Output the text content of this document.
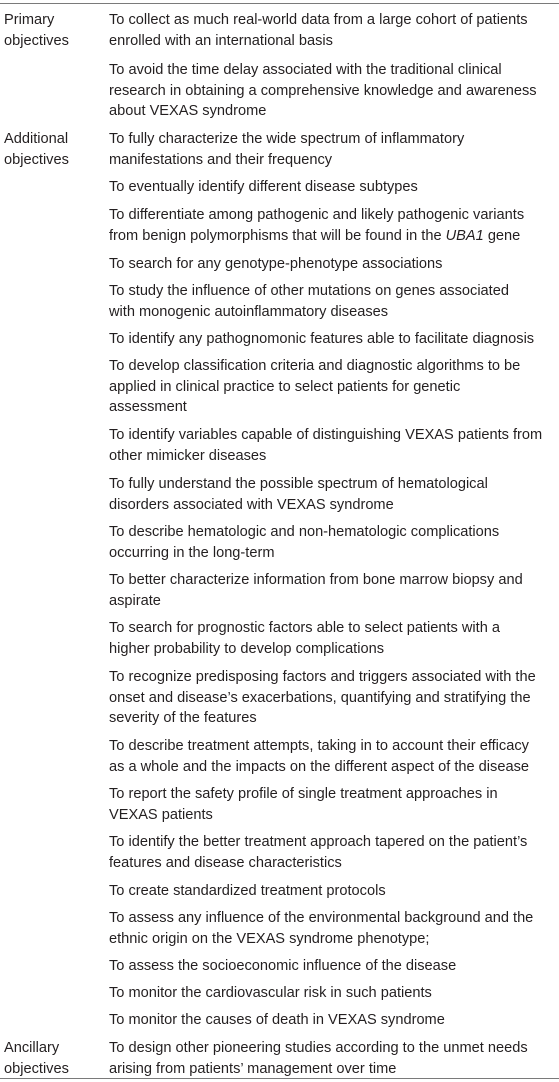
Primary
objectives
To collect as much real-world data from a large cohort of patients
enrolled with an international basis
To avoid the time delay associated with the traditional clinical
research in obtaining a comprehensive knowledge and awareness
about VEXAS syndrome
Additional
objectives
To fully characterize the wide spectrum of inflammatory
manifestations and their frequency
To eventually identify different disease subtypes
To differentiate among pathogenic and likely pathogenic variants
from benign polymorphisms that will be found in the UBA1 gene
To search for any genotype-phenotype associations
To study the influence of other mutations on genes associated
with monogenic autoinflammatory diseases
To identify any pathognomonic features able to facilitate diagnosis
To develop classification criteria and diagnostic algorithms to be
applied in clinical practice to select patients for genetic
assessment
To identify variables capable of distinguishing VEXAS patients from
other mimicker diseases
To fully understand the possible spectrum of hematological
disorders associated with VEXAS syndrome
To describe hematologic and non-hematologic complications
occurring in the long-term
To better characterize information from bone marrow biopsy and
aspirate
To search for prognostic factors able to select patients with a
higher probability to develop complications
To recognize predisposing factors and triggers associated with the
onset and disease’s exacerbations, quantifying and stratifying the
severity of the features
To describe treatment attempts, taking in to account their efficacy
as a whole and the impacts on the different aspect of the disease
To report the safety profile of single treatment approaches in
VEXAS patients
To identify the better treatment approach tapered on the patient’s
features and disease characteristics
To create standardized treatment protocols
To assess any influence of the environmental background and the
ethnic origin on the VEXAS syndrome phenotype;
To assess the socioeconomic influence of the disease
To monitor the cardiovascular risk in such patients
To monitor the causes of death in VEXAS syndrome
Ancillary
objectives
To design other pioneering studies according to the unmet needs
arising from patients’ management over time
